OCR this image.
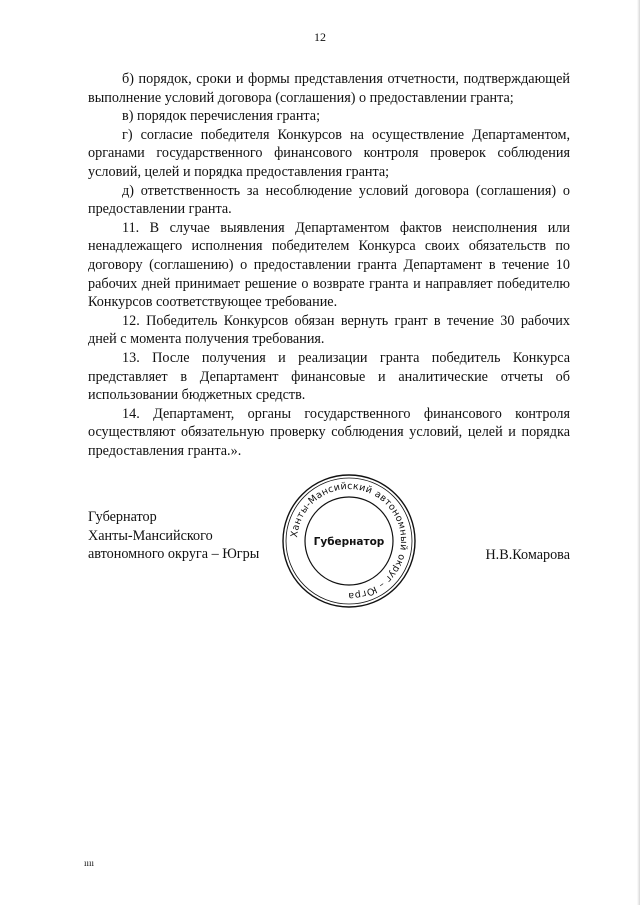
12

б) порядок, сроки и формы представления отчетности, подтверждающей выполнение условий договора (соглашения) о предоставлении гранта;

в) порядок перечисления гранта;

г) согласие победителя Конкурсов на осуществление Департаментом, органами государственного финансового контроля проверок соблюдения условий, целей и порядка предоставления гранта;

д) ответственность за несоблюдение условий договора (соглашения) о предоставлении гранта.

11. В случае выявления Департаментом фактов неисполнения или ненадлежащего исполнения победителем Конкурса своих обязательств по договору (соглашению) о предоставлении гранта Департамент в течение 10 рабочих дней принимает решение о возврате гранта и направляет победителю Конкурсов соответствующее требование.

12. Победитель Конкурсов обязан вернуть грант в течение 30 рабочих дней с момента получения требования.

13. После получения и реализации гранта победитель Конкурса представляет в Департамент финансовые и аналитические отчеты об использовании бюджетных средств.

14. Департамент, органы государственного финансового контроля осуществляют обязательную проверку соблюдения условий, целей и порядка предоставления гранта.».

Губернатор
Ханты-Мансийского
автономного округа – Югры
Ханты-Мансийский автономный округ – Югра
Губернатор
Н.В.Комарова
ıııı
